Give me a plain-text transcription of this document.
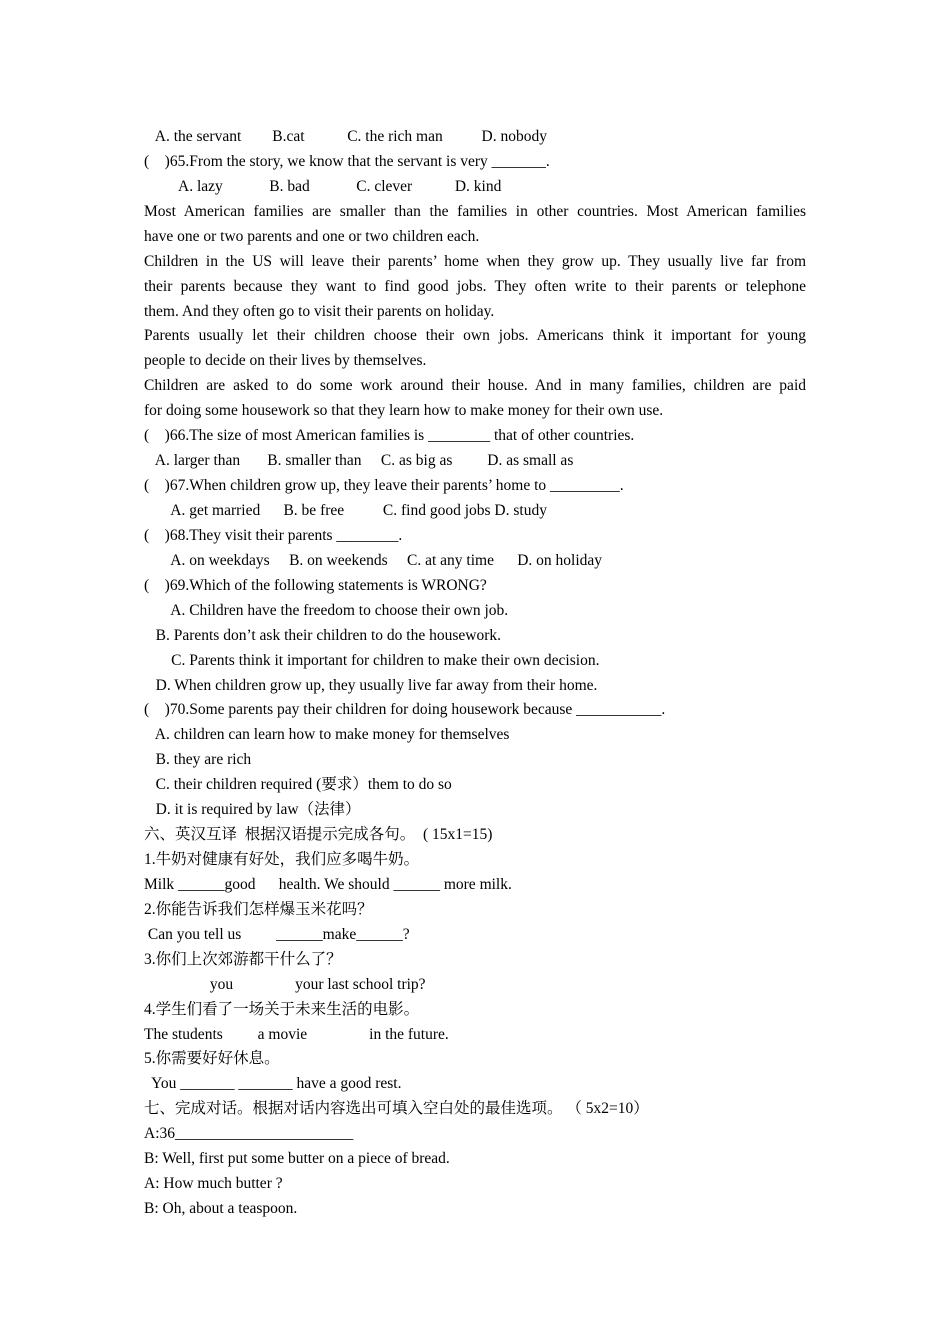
A. the servant        B.cat           C. the rich man          D. nobody
(    )65.From the story, we know that the servant is very _______.
A. lazy            B. bad            C. clever           D. kind
Most American families are smaller than the families in other countries. Most American families
have one or two parents and one or two children each.
Children in the US will leave their parents’ home when they grow up. They usually live far from
their parents because they want to find good jobs. They often write to their parents or telephone
them. And they often go to visit their parents on holiday.
Parents usually let their children choose their own jobs. Americans think it important for young
people to decide on their lives by themselves.
Children are asked to do some work around their house. And in many families, children are paid
for doing some housework so that they learn how to make money for their own use.
(    )66.The size of most American families is ________ that of other countries.
A. larger than       B. smaller than     C. as big as         D. as small as
(    )67.When children grow up, they leave their parents’ home to _________.
A. get married      B. be free          C. find good jobs D. study
(    )68.They visit their parents ________.
A. on weekdays     B. on weekends     C. at any time      D. on holiday
(    )69.Which of the following statements is WRONG?
A. Children have the freedom to choose their own job.
B. Parents don’t ask their children to do the housework.
C. Parents think it important for children to make their own decision.
D. When children grow up, they usually live far away from their home.
(    )70.Some parents pay their children for doing housework because ___________.
A. children can learn how to make money for themselves
B. they are rich
C. their children required (要求）them to do so
D. it is required by law（法律）
六、英汉互译  根据汉语提示完成各句。  ( 15x1=15)
1.牛奶对健康有好处，我们应多喝牛奶。
Milk ______good      health. We should ______ more milk.
2.你能告诉我们怎样爆玉米花吗？
Can you tell us         ______make______?
3.你们上次郊游都干什么了？
you                your last school trip?
4.学生们看了一场关于未来生活的电影。
The students         a movie                in the future.
5.你需要好好休息。
You _______ _______ have a good rest.
七、完成对话。根据对话内容选出可填入空白处的最佳选项。 （ 5x2=10）
A:36_______________________
B: Well, first put some butter on a piece of bread.
A: How much butter ?
B: Oh, about a teaspoon.
